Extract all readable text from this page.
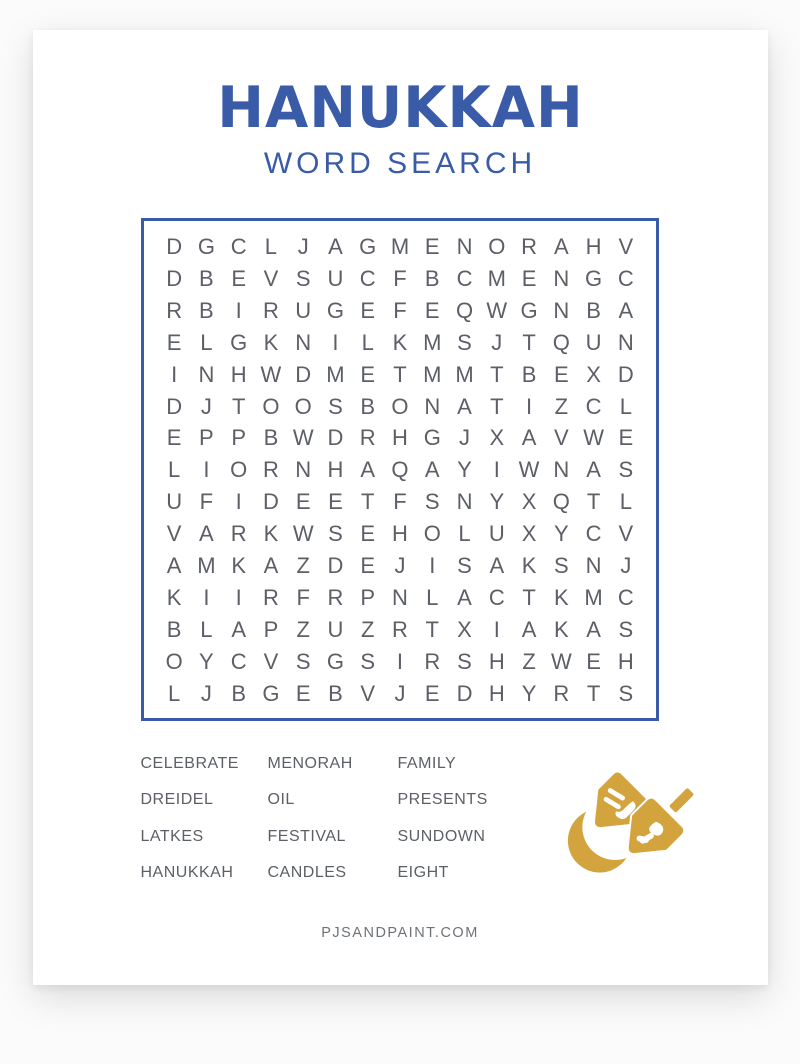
HANUKKAH
WORD SEARCH
D G C L J A G M E N O R A H V
D B E V S U C F B C M E N G C
R B I R U G E F E Q W G N B A
E L G K N I L K M S J T Q U N
I N H W D M E T M M T B E X D
D J T O O S B O N A T I Z C L
E P P B W D R H G J X A V W E
L I O R N H A Q A Y I W N A S
U F I D E E T F S N Y X Q T L
V A R K W S E H O L U X Y C V
A M K A Z D E J I S A K S N J
K I I R F R P N L A C T K M C
B L A P Z U Z R T X I A K A S
O Y C V S G S I R S H Z W E H
L J B G E B V J E D H Y R T S
CELEBRATE
DREIDEL
LATKES
HANUKKAH
MENORAH
OIL
FESTIVAL
CANDLES
FAMILY
PRESENTS
SUNDOWN
EIGHT
PJSANDPAINT.COM
